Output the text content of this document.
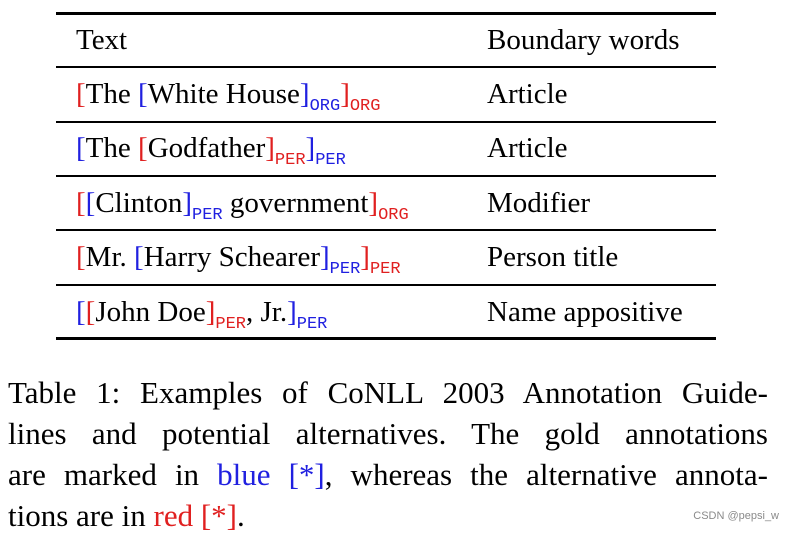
Text	Boundary words
[The [White $House]_{ORG}]_{ORG}$	Article
[The $[Godfather]_{PER}]_{PER}$	Article
[$[Clinton]_{PER}$ $government]_{ORG}$	Modifier
[Mr. [Harry $Schearer]_{PER}]_{PER}$	Person title
[[John $Doe]_{PER}$, $Jr.]_{PER}$	Name appositive
Table 1: Examples of CoNLL 2003 Annotation Guide-
lines and potential alternatives. The gold annotations
are marked in blue [*], whereas the alternative annota-
tions are in red [*].	CSDN @pepsi_w
